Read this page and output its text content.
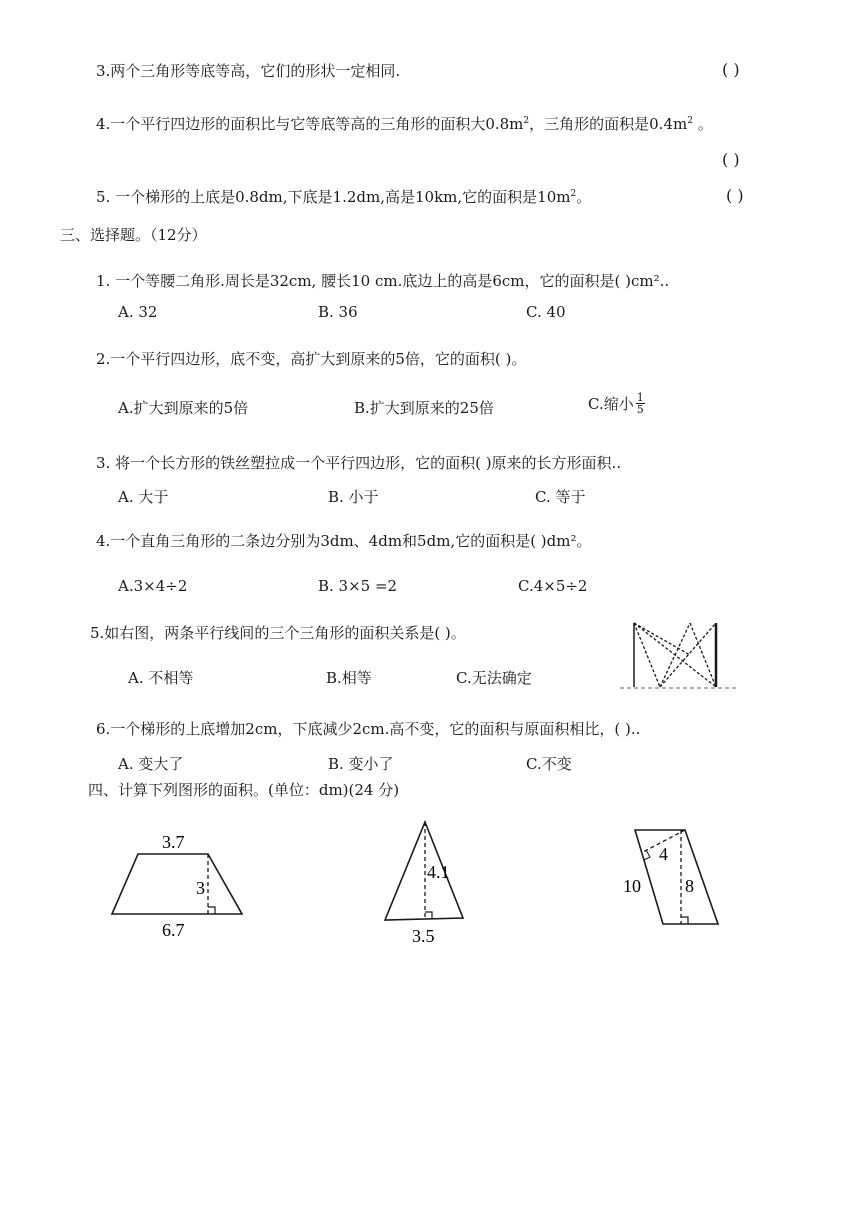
3.两个三角形等底等高，它们的形状一定相同.	( )
4.一个平行四边形的面积比与它等底等高的三角形的面积大$0.8m^2$，三角形的面积是$0.4m^2$ 。
( )
5. 一个梯形的上底是0.8dm,下底是1.2dm,高是10km,它的面积是$10m^2$。	( )
三、选择题。（12分）
1. 一个等腰二角形.周长是32cm, 腰长10 cm.底边上的高是6cm，它的面积是( )cm²..
A. 32	B. 36	C. 40
2.一个平行四边形，底不变，高扩大到原来的5倍，它的面积( )。
A.扩大到原来的5倍	B.扩大到原来的25倍	C.缩小 $\frac{1}{5}$
3. 将一个长方形的铁丝塑拉成一个平行四边形，它的面积( )原来的长方形面积..
A. 大于	B. 小于	C. 等于
4.一个直角三角形的二条边分别为3dm、4dm和5dm,它的面积是( )dm²。
A.3×4÷2	B. 3×5 =2	C.4×5÷2
5.如右图，两条平行线间的三个三角形的面积关系是( )。
A. 不相等	B.相等	C.无法确定
6.一个梯形的上底增加2cm，下底减少2cm.高不变，它的面积与原面积相比，( )..
A. 变大了	B. 变小了	C.不变
四、计算下列图形的面积。(单位：dm)(24 分)
3.7
3
6.7
4.1
3.5
4
8
10
